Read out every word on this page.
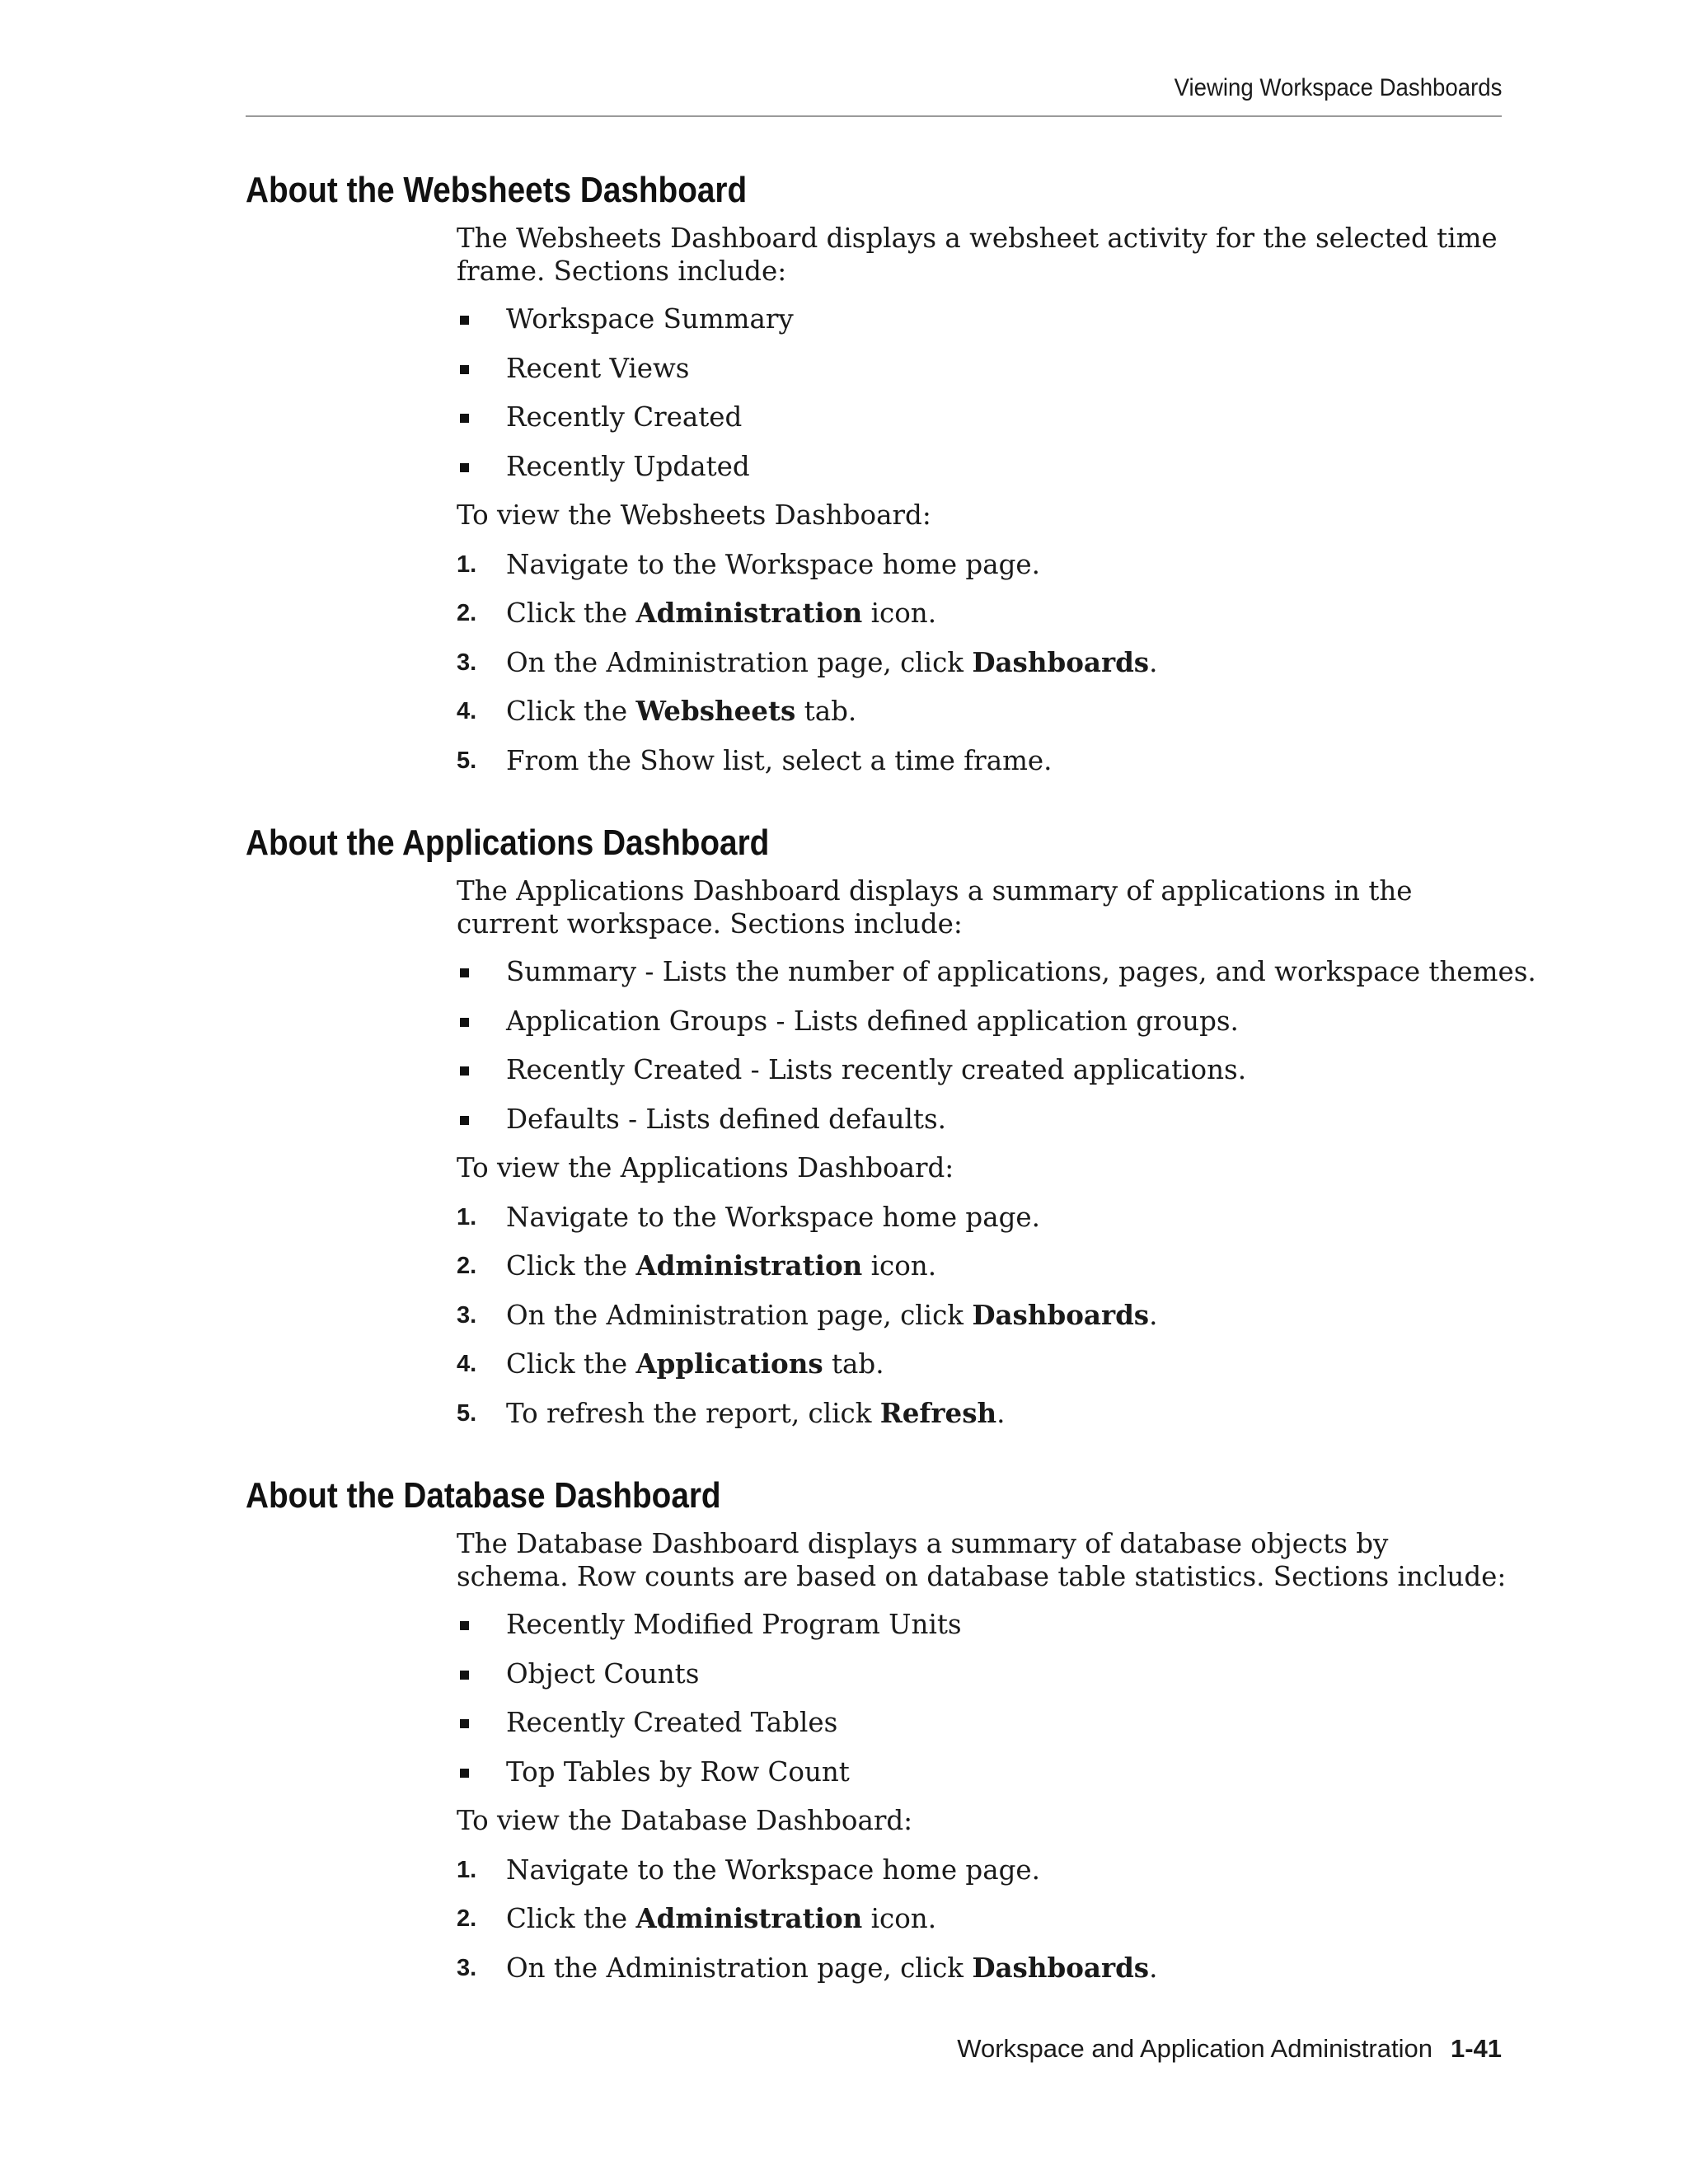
Viewing Workspace Dashboards
About the Websheets Dashboard

The Websheets Dashboard displays a websheet activity for the selected time frame. Sections include:

Workspace Summary
Recent Views
Recently Created
Recently Updated

To view the Websheets Dashboard:

1. Navigate to the Workspace home page.
2. Click the Administration icon.
3. On the Administration page, click Dashboards.
4. Click the Websheets tab.
5. From the Show list, select a time frame.
About the Applications Dashboard

The Applications Dashboard displays a summary of applications in the current workspace. Sections include:

Summary - Lists the number of applications, pages, and workspace themes.
Application Groups - Lists defined application groups.
Recently Created - Lists recently created applications.
Defaults - Lists defined defaults.

To view the Applications Dashboard:

1. Navigate to the Workspace home page.
2. Click the Administration icon.
3. On the Administration page, click Dashboards.
4. Click the Applications tab.
5. To refresh the report, click Refresh.
About the Database Dashboard

The Database Dashboard displays a summary of database objects by schema. Row counts are based on database table statistics. Sections include:

Recently Modified Program Units
Object Counts
Recently Created Tables
Top Tables by Row Count

To view the Database Dashboard:

1. Navigate to the Workspace home page.
2. Click the Administration icon.
3. On the Administration page, click Dashboards.
Workspace and Application Administration 1-41
